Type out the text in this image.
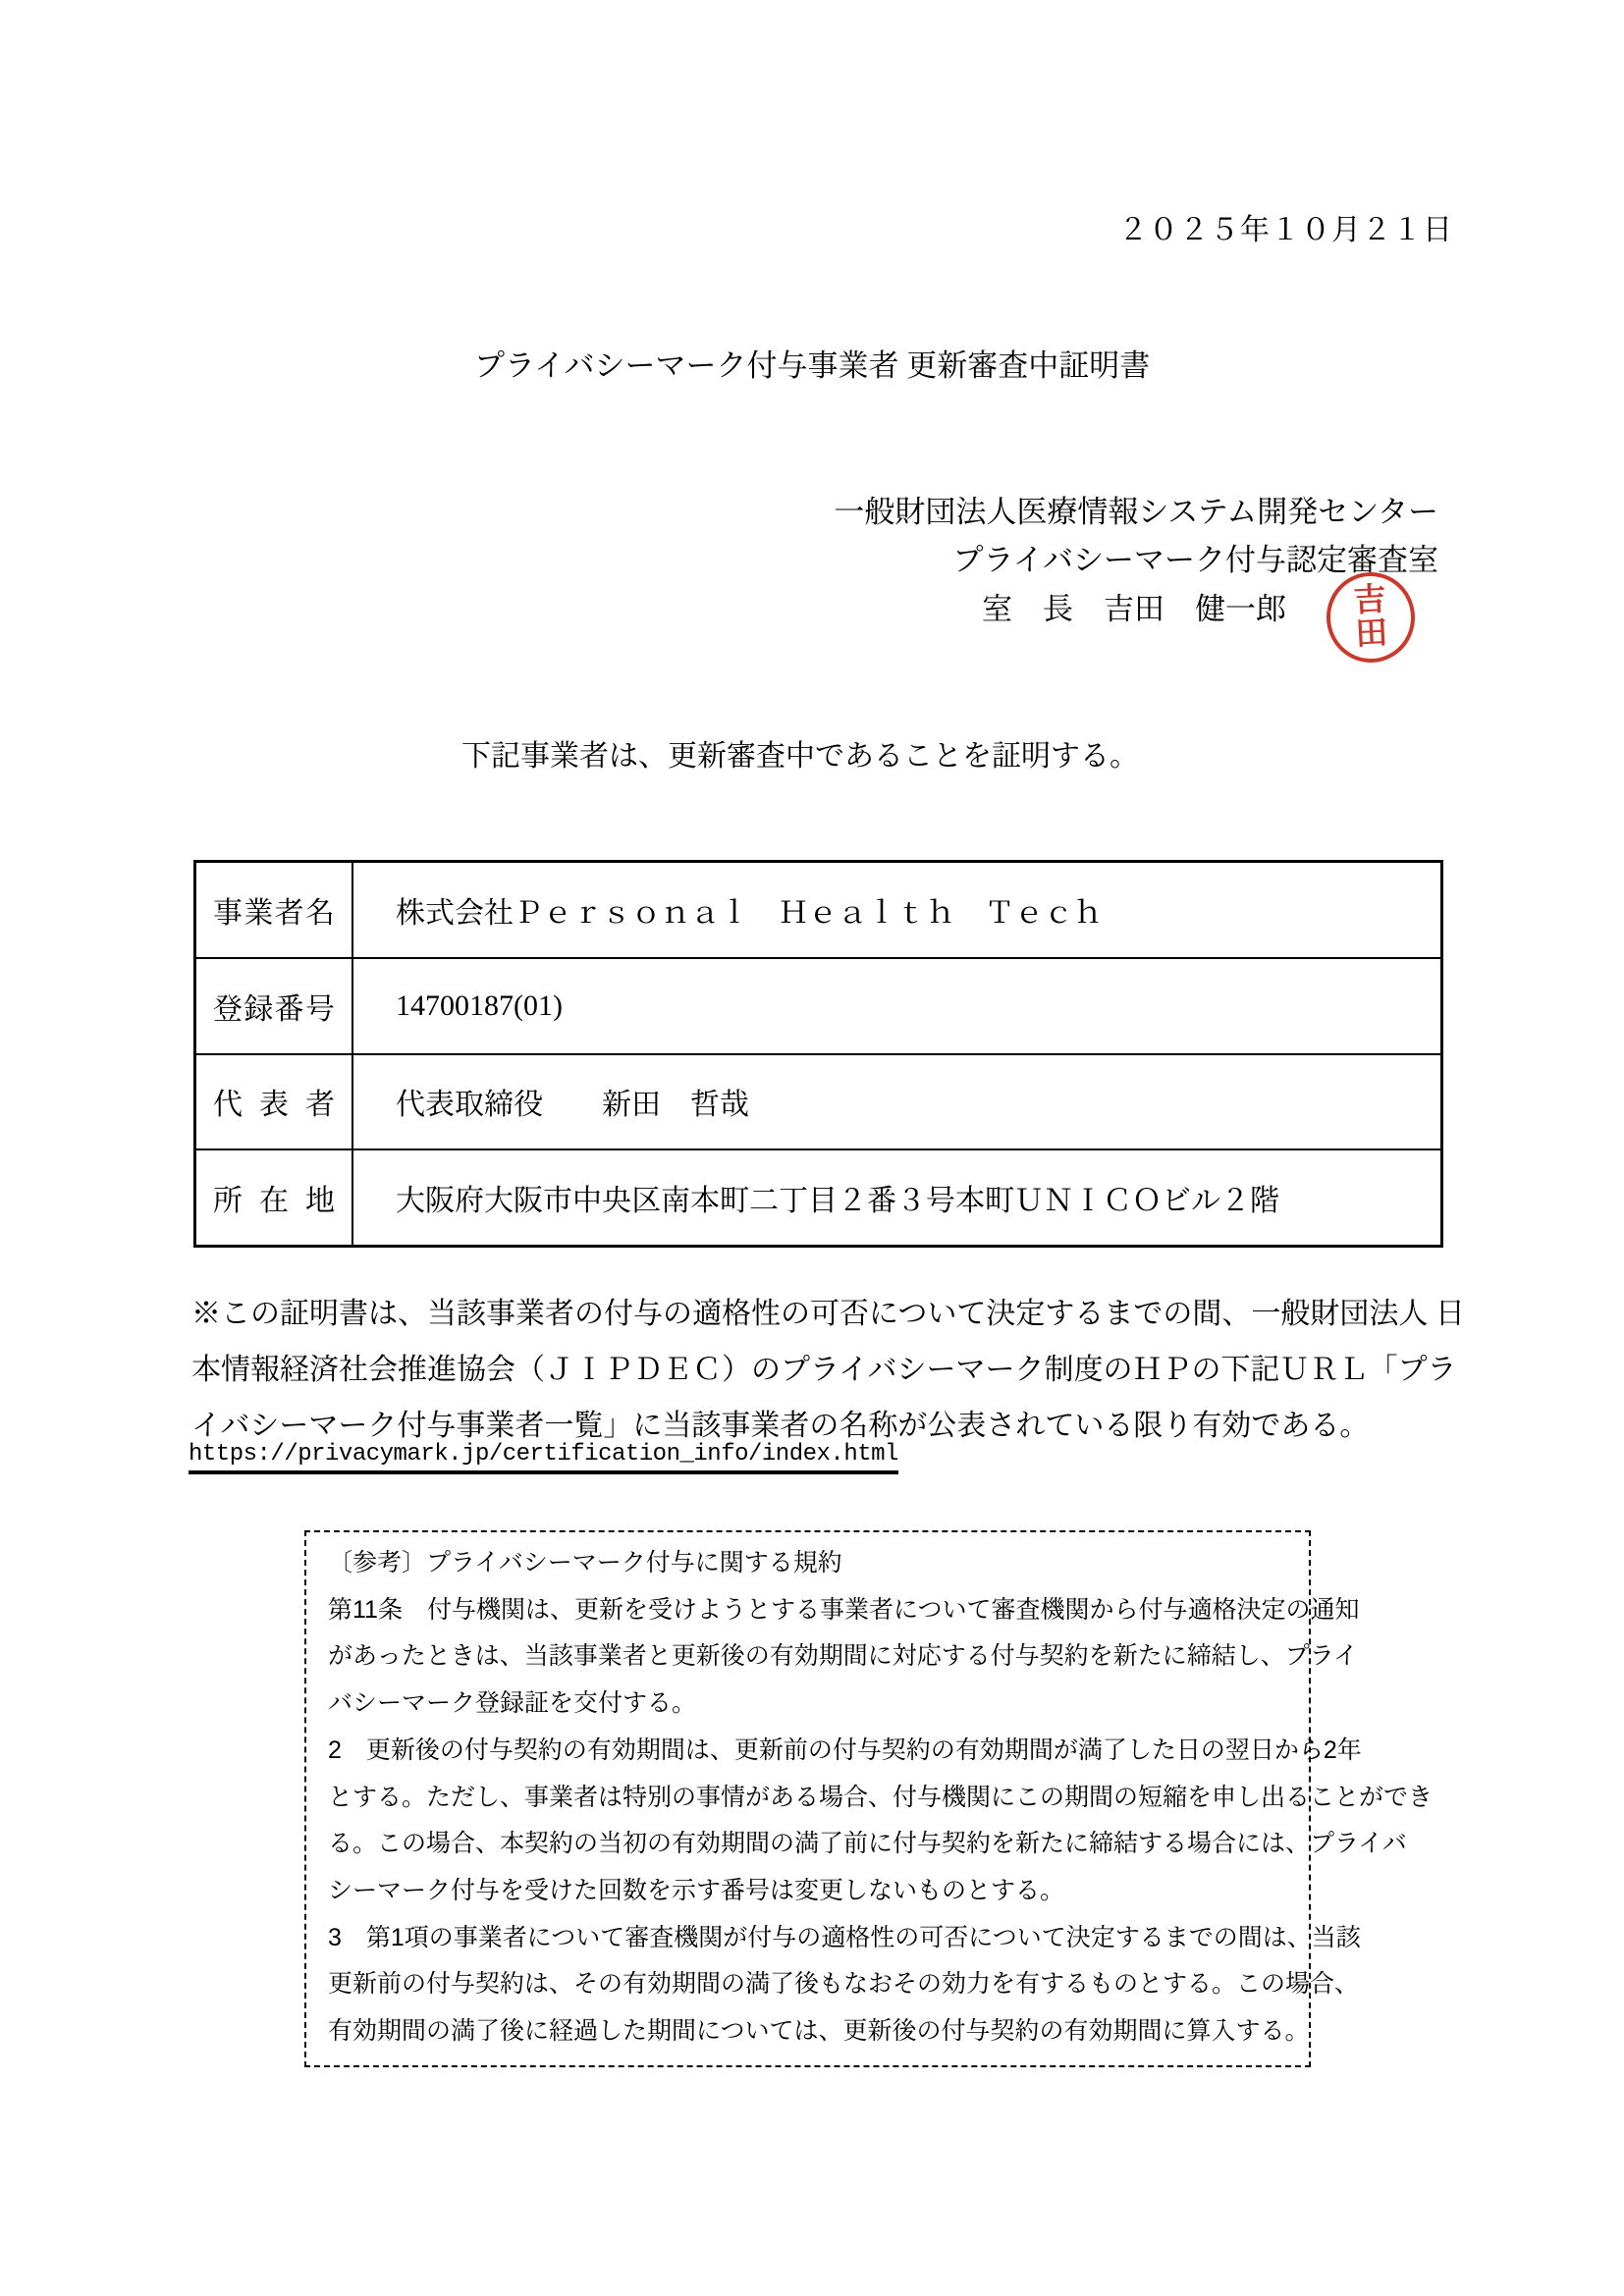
２０２５年１０月２１日
プライバシーマーク付与事業者 更新審査中証明書
一般財団法人医療情報システム開発センター
プライバシーマーク付与認定審査室
室　長　吉田　健一郎 吉
田
下記事業者は、更新審査中であることを証明する。
事業者名	株式会社Ｐｅｒｓｏｎａｌ　Ｈｅａｌｔｈ　Ｔｅｃｈ
登録番号	14700187(01)
代表者	代表取締役　　新田　哲哉
所在地	大阪府大阪市中央区南本町二丁目２番３号本町ＵＮＩＣＯビル２階
※この証明書は、当該事業者の付与の適格性の可否について決定するまでの間、一般財団法人 日
本情報経済社会推進協会（ＪＩＰＤＥＣ）のプライバシーマーク制度のＨＰの下記ＵＲＬ「プラ
イバシーマーク付与事業者一覧」に当該事業者の名称が公表されている限り有効である。
https://privacymark.jp/certification_info/index.html
〔参考〕プライバシーマーク付与に関する規約
第11条　付与機関は、更新を受けようとする事業者について審査機関から付与適格決定の通知
があったときは、当該事業者と更新後の有効期間に対応する付与契約を新たに締結し、プライ
バシーマーク登録証を交付する。
2　更新後の付与契約の有効期間は、更新前の付与契約の有効期間が満了した日の翌日から2年
とする。ただし、事業者は特別の事情がある場合、付与機関にこの期間の短縮を申し出ることができ
る。この場合、本契約の当初の有効期間の満了前に付与契約を新たに締結する場合には、プライバ
シーマーク付与を受けた回数を示す番号は変更しないものとする。
3　第1項の事業者について審査機関が付与の適格性の可否について決定するまでの間は、当該
更新前の付与契約は、その有効期間の満了後もなおその効力を有するものとする。この場合、
有効期間の満了後に経過した期間については、更新後の付与契約の有効期間に算入する。
